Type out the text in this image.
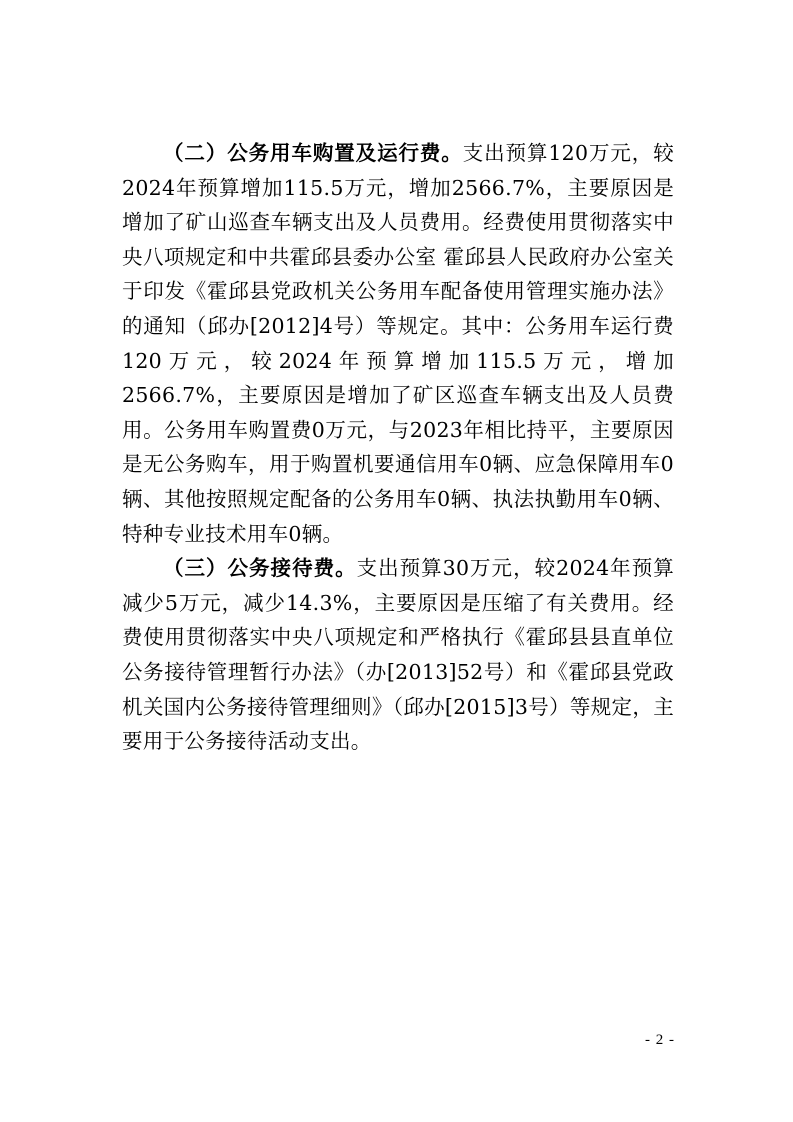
（二）公务用车购置及运行费。支出预算120万元，较2024年预算增加115.5万元，增加2566.7%，主要原因是增加了矿山巡查车辆支出及人员费用。经费使用贯彻落实中央八项规定和中共霍邱县委办公室 霍邱县人民政府办公室关于印发《霍邱县党政机关公务用车配备使用管理实施办法》的通知（邱办[2012]4号）等规定。其中：公务用车运行费120万元，较2024年预算增加115.5万元，增加2566.7%，主要原因是增加了矿区巡查车辆支出及人员费用。公务用车购置费0万元，与2023年相比持平，主要原因是无公务购车，用于购置机要通信用车0辆、应急保障用车0辆、其他按照规定配备的公务用车0辆、执法执勤用车0辆、特种专业技术用车0辆。

（三）公务接待费。支出预算30万元，较2024年预算减少5万元，减少14.3%，主要原因是压缩了有关费用。经费使用贯彻落实中央八项规定和严格执行《霍邱县县直单位公务接待管理暂行办法》（办[2013]52号）和《霍邱县党政机关国内公务接待管理细则》（邱办[2015]3号）等规定，主要用于公务接待活动支出。

- 2 -
